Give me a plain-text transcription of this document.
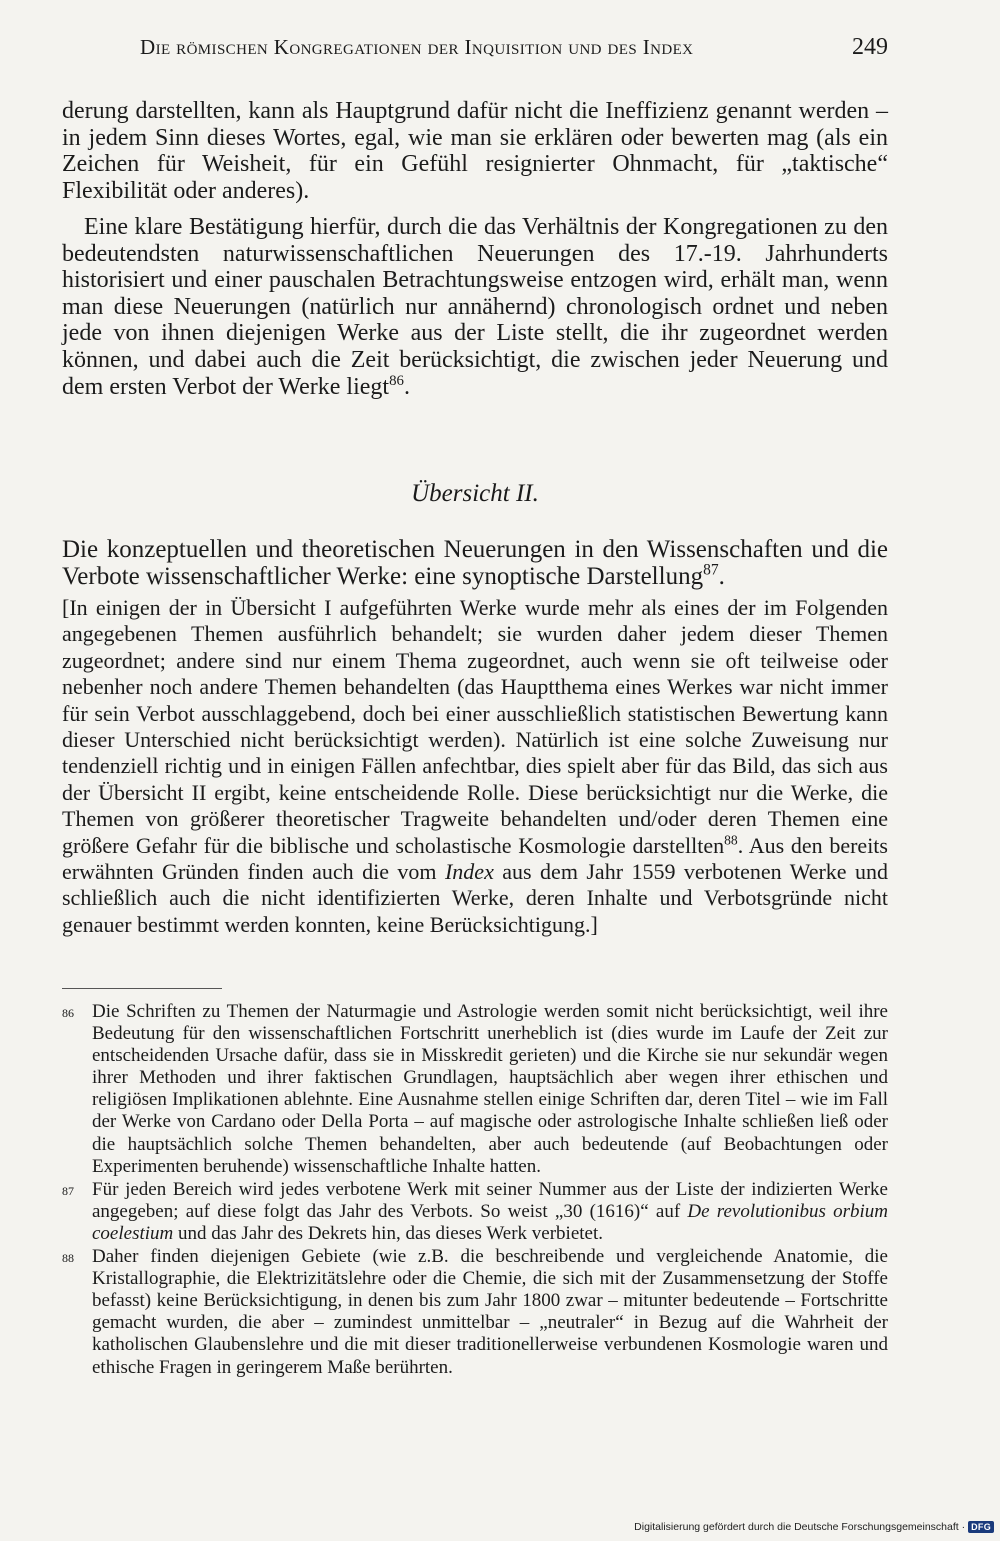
Die römischen Kongregationen der Inquisition und des Index	249

derung darstellten, kann als Hauptgrund dafür nicht die Ineffizienz genannt werden – in jedem Sinn dieses Wortes, egal, wie man sie erklären oder bewerten mag (als ein Zeichen für Weisheit, für ein Gefühl resignierter Ohnmacht, für „taktische“ Flexibilität oder anderes).

Eine klare Bestätigung hierfür, durch die das Verhältnis der Kongregationen zu den bedeutendsten naturwissenschaftlichen Neuerungen des 17.-19. Jahrhunderts historisiert und einer pauschalen Betrachtungsweise entzogen wird, erhält man, wenn man diese Neuerungen (natürlich nur annähernd) chronologisch ordnet und neben jede von ihnen diejenigen Werke aus der Liste stellt, die ihr zugeordnet werden können, und dabei auch die Zeit berücksichtigt, die zwischen jeder Neuerung und dem ersten Verbot der Werke liegt$^{86}$.

Übersicht II.
Die konzeptuellen und theoretischen Neuerungen in den Wissenschaften und die Verbote wissenschaftlicher Werke: eine synoptische Darstellung$^{87}$.

[In einigen der in Übersicht I aufgeführten Werke wurde mehr als eines der im Folgenden angegebenen Themen ausführlich behandelt; sie wurden daher jedem dieser Themen zugeordnet; andere sind nur einem Thema zugeordnet, auch wenn sie oft teilweise oder nebenher noch andere Themen behandelten (das Hauptthema eines Werkes war nicht immer für sein Verbot ausschlaggebend, doch bei einer ausschließlich statistischen Bewertung kann dieser Unterschied nicht berücksichtigt werden). Natürlich ist eine solche Zuweisung nur tendenziell richtig und in einigen Fällen anfechtbar, dies spielt aber für das Bild, das sich aus der Übersicht II ergibt, keine entscheidende Rolle. Diese berücksichtigt nur die Werke, die Themen von größerer theoretischer Tragweite behandelten und/oder deren Themen eine größere Gefahr für die biblische und scholastische Kosmologie darstellten$^{88}$. Aus den bereits erwähnten Gründen finden auch die vom Index aus dem Jahr 1559 verbotenen Werke und schließlich auch die nicht identifizierten Werke, deren Inhalte und Verbotsgründe nicht genauer bestimmt werden konnten, keine Berücksichtigung.]

86 Die Schriften zu Themen der Naturmagie und Astrologie werden somit nicht berücksichtigt, weil ihre Bedeutung für den wissenschaftlichen Fortschritt unerheblich ist (dies wurde im Laufe der Zeit zur entscheidenden Ursache dafür, dass sie in Misskredit gerieten) und die Kirche sie nur sekundär wegen ihrer Methoden und ihrer faktischen Grundlagen, hauptsächlich aber wegen ihrer ethischen und religiösen Implikationen ablehnte. Eine Ausnahme stellen einige Schriften dar, deren Titel – wie im Fall der Werke von Cardano oder Della Porta – auf magische oder astrologische Inhalte schließen ließ oder die hauptsächlich solche Themen behandelten, aber auch bedeutende (auf Beobachtungen oder Experimenten beruhende) wissenschaftliche Inhalte hatten.
87 Für jeden Bereich wird jedes verbotene Werk mit seiner Nummer aus der Liste der indizierten Werke angegeben; auf diese folgt das Jahr des Verbots. So weist „30 (1616)“ auf De revolutionibus orbium coelestium und das Jahr des Dekrets hin, das dieses Werk verbietet.
88 Daher finden diejenigen Gebiete (wie z.B. die beschreibende und vergleichende Anatomie, die Kristallographie, die Elektrizitätslehre oder die Chemie, die sich mit der Zusammensetzung der Stoffe befasst) keine Berücksichtigung, in denen bis zum Jahr 1800 zwar – mitunter bedeutende – Fortschritte gemacht wurden, die aber – zumindest unmittelbar – „neutraler“ in Bezug auf die Wahrheit der katholischen Glaubenslehre und die mit dieser traditionellerweise verbundenen Kosmologie waren und ethische Fragen in geringerem Maße berührten.
Digitalisierung gefördert durch die Deutsche Forschungsgemeinschaft · DFG
